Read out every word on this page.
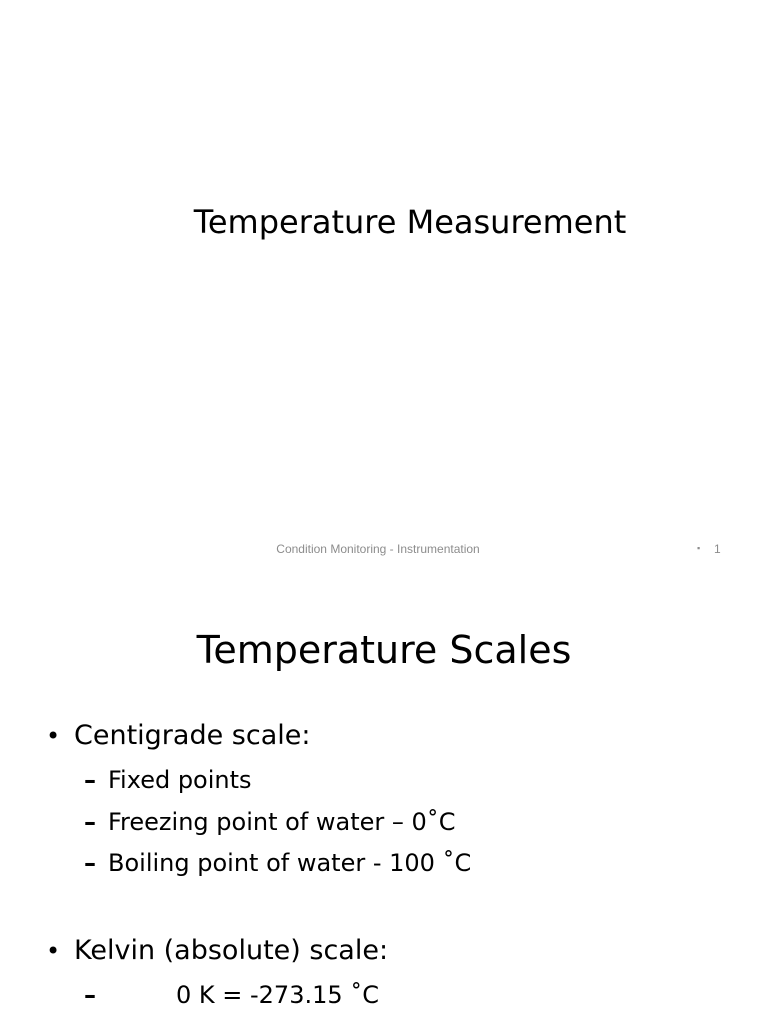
Temperature Measurement
Condition Monitoring - Instrumentation	▪ 1
Temperature Scales
• Centigrade scale:
– Fixed points
– Freezing point of water – 0˚C
– Boiling point of water - 100 ˚C
• Kelvin (absolute) scale:
–	0 K = -273.15 ˚C
